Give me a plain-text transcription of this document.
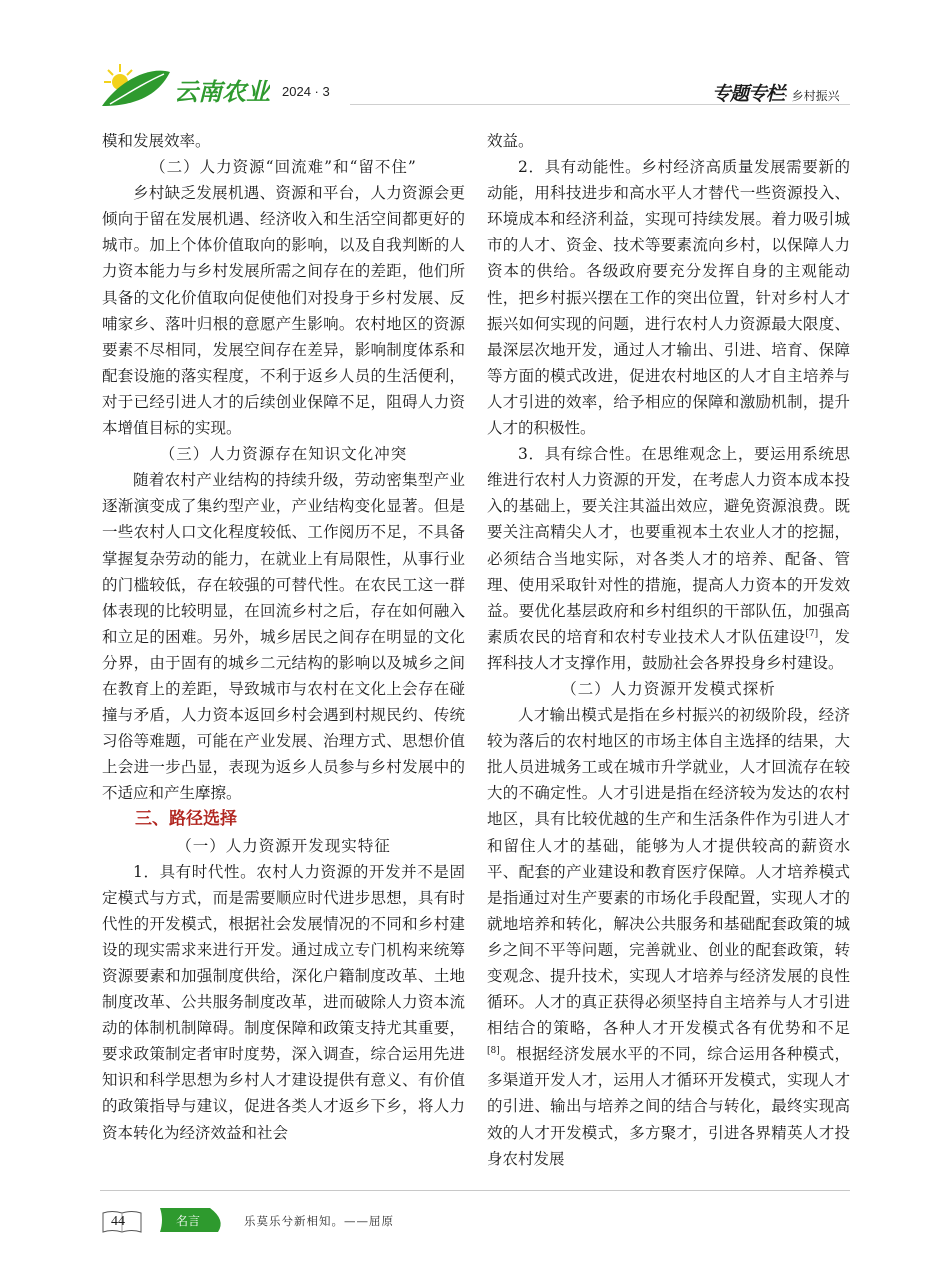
云南农业 2024 · 3	专题专栏· 乡村振兴

模和发展效率。

（二）人力资源“回流难”和“留不住”

乡村缺乏发展机遇、资源和平台，人力资源会更倾向于留在发展机遇、经济收入和生活空间都更好的城市。加上个体价值取向的影响，以及自我判断的人力资本能力与乡村发展所需之间存在的差距，他们所具备的文化价值取向促使他们对投身于乡村发展、反哺家乡、落叶归根的意愿产生影响。农村地区的资源要素不尽相同，发展空间存在差异，影响制度体系和配套设施的落实程度，不利于返乡人员的生活便利，对于已经引进人才的后续创业保障不足，阻碍人力资本增值目标的实现。

（三）人力资源存在知识文化冲突

随着农村产业结构的持续升级，劳动密集型产业逐渐演变成了集约型产业，产业结构变化显著。但是一些农村人口文化程度较低、工作阅历不足，不具备掌握复杂劳动的能力，在就业上有局限性，从事行业的门槛较低，存在较强的可替代性。在农民工这一群体表现的比较明显，在回流乡村之后，存在如何融入和立足的困难。另外，城乡居民之间存在明显的文化分界，由于固有的城乡二元结构的影响以及城乡之间在教育上的差距，导致城市与农村在文化上会存在碰撞与矛盾，人力资本返回乡村会遇到村规民约、传统习俗等难题，可能在产业发展、治理方式、思想价值上会进一步凸显，表现为返乡人员参与乡村发展中的不适应和产生摩擦。

三、路径选择

（一）人力资源开发现实特征

1．具有时代性。农村人力资源的开发并不是固定模式与方式，而是需要顺应时代进步思想，具有时代性的开发模式，根据社会发展情况的不同和乡村建设的现实需求来进行开发。通过成立专门机构来统筹资源要素和加强制度供给，深化户籍制度改革、土地制度改革、公共服务制度改革，进而破除人力资本流动的体制机制障碍。制度保障和政策支持尤其重要，要求政策制定者审时度势，深入调查，综合运用先进知识和科学思想为乡村人才建设提供有意义、有价值的政策指导与建议，促进各类人才返乡下乡，将人力资本转化为经济效益和社会

效益。

2．具有动能性。乡村经济高质量发展需要新的动能，用科技进步和高水平人才替代一些资源投入、环境成本和经济利益，实现可持续发展。着力吸引城市的人才、资金、技术等要素流向乡村，以保障人力资本的供给。各级政府要充分发挥自身的主观能动性，把乡村振兴摆在工作的突出位置，针对乡村人才振兴如何实现的问题，进行农村人力资源最大限度、最深层次地开发，通过人才输出、引进、培育、保障等方面的模式改进，促进农村地区的人才自主培养与人才引进的效率，给予相应的保障和激励机制，提升人才的积极性。

3．具有综合性。在思维观念上，要运用系统思维进行农村人力资源的开发，在考虑人力资本成本投入的基础上，要关注其溢出效应，避免资源浪费。既要关注高精尖人才，也要重视本土农业人才的挖掘，必须结合当地实际，对各类人才的培养、配备、管理、使用采取针对性的措施，提高人力资本的开发效益。要优化基层政府和乡村组织的干部队伍，加强高素质农民的培育和农村专业技术人才队伍建设[7]，发挥科技人才支撑作用，鼓励社会各界投身乡村建设。

（二）人力资源开发模式探析

人才输出模式是指在乡村振兴的初级阶段，经济较为落后的农村地区的市场主体自主选择的结果，大批人员进城务工或在城市升学就业，人才回流存在较大的不确定性。人才引进是指在经济较为发达的农村地区，具有比较优越的生产和生活条件作为引进人才和留住人才的基础，能够为人才提供较高的薪资水平、配套的产业建设和教育医疗保障。人才培养模式是指通过对生产要素的市场化手段配置，实现人才的就地培养和转化，解决公共服务和基础配套政策的城乡之间不平等问题，完善就业、创业的配套政策，转变观念、提升技术，实现人才培养与经济发展的良性循环。人才的真正获得必须坚持自主培养与人才引进相结合的策略，各种人才开发模式各有优势和不足[8]。根据经济发展水平的不同，综合运用各种模式，多渠道开发人才，运用人才循环开发模式，实现人才的引进、输出与培养之间的结合与转化，最终实现高效的人才开发模式，多方聚才，引进各界精英人才投身农村发展

44	名言	乐莫乐兮新相知。——屈原
